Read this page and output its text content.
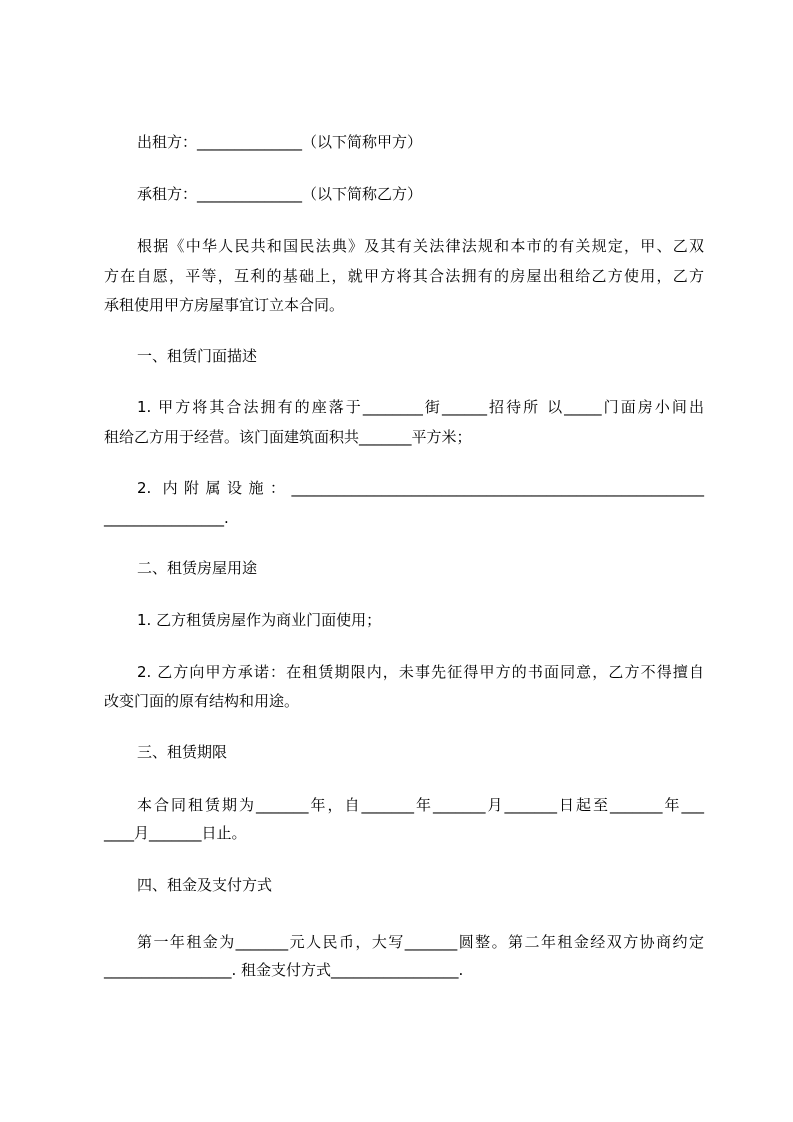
出租方：______________（以下简称甲方）
承租方：______________（以下简称乙方）
根据《中华人民共和国民法典》及其有关法律法规和本市的有关规定，甲、乙双
方在自愿，平等，互利的基础上，就甲方将其合法拥有的房屋出租给乙方使用，乙方
承租使用甲方房屋事宜订立本合同。
一、租赁门面描述
1. 甲方将其合法拥有的座落于________街______招待所 以_____门面房小间出
租给乙方用于经营。该门面建筑面积共_______平方米；
2. 内附属设施：_______________________________________________________
________________.
二、租赁房屋用途
1. 乙方租赁房屋作为商业门面使用；
2. 乙方向甲方承诺：在租赁期限内，未事先征得甲方的书面同意，乙方不得擅自
改变门面的原有结构和用途。
三、租赁期限
本合同租赁期为_______年，自_______年_______月_______日起至_______年___
____月_______日止。
四、租金及支付方式
第一年租金为_______元人民币，大写_______圆整。第二年租金经双方协商约定
_________________. 租金支付方式_________________.
